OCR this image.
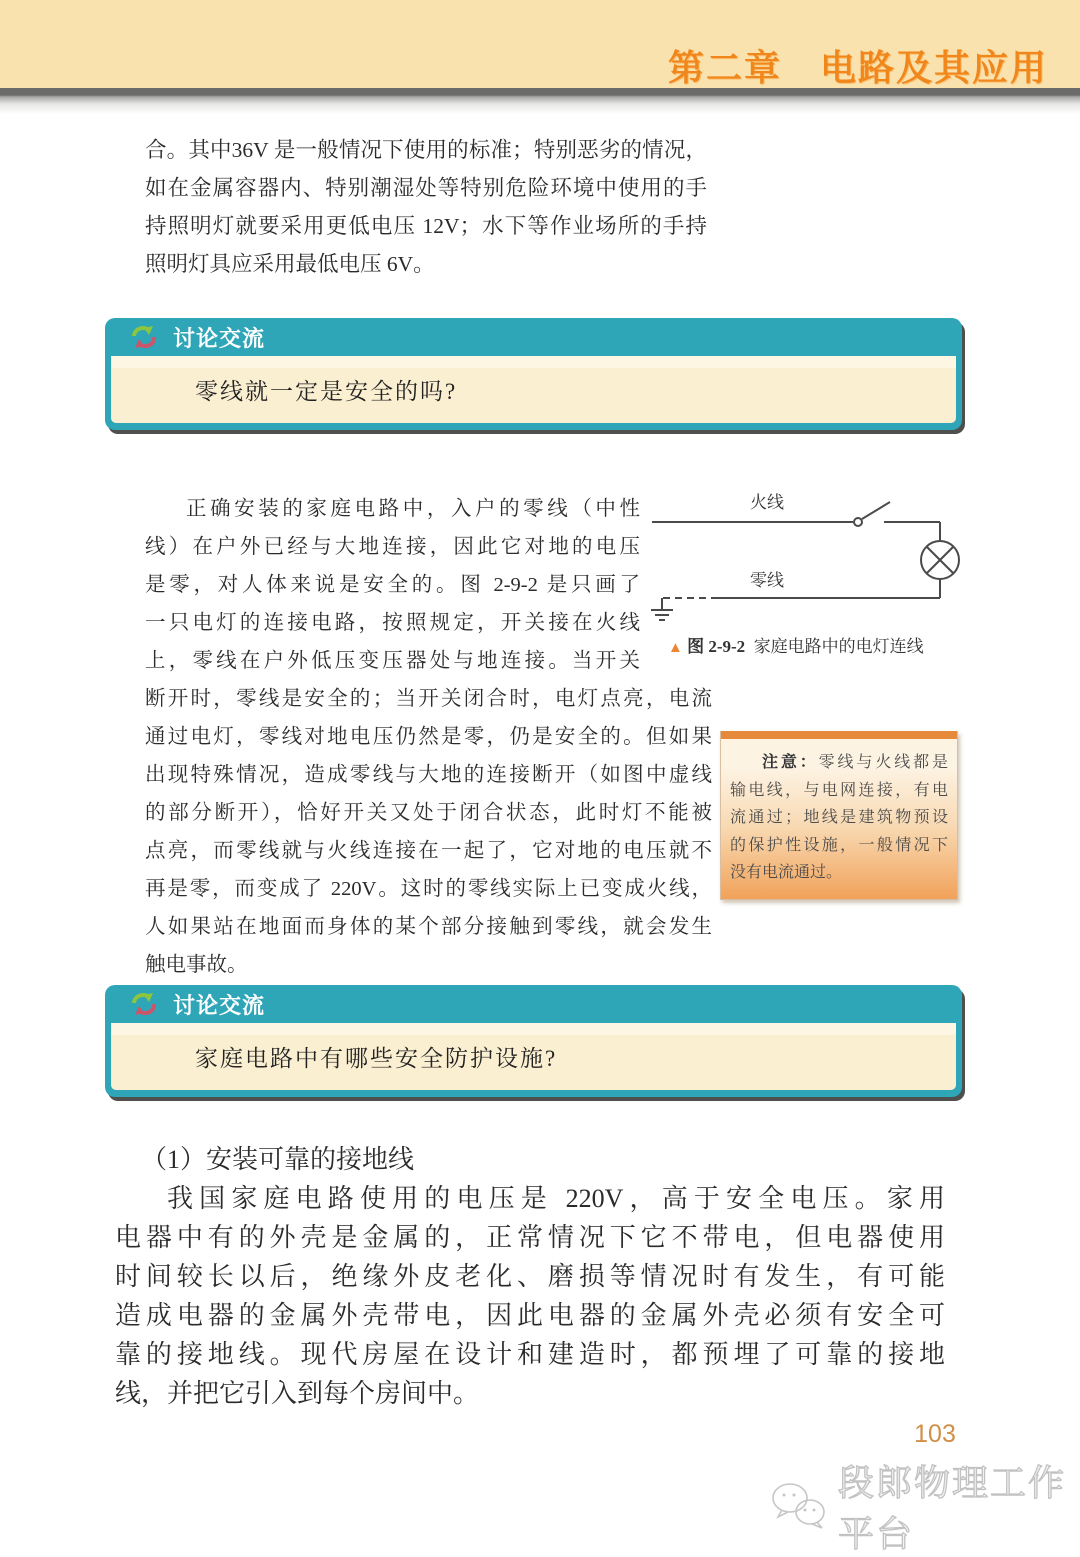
第二章　电路及其应用
合。其中36V 是一般情况下使用的标准；特别恶劣的情况，
如在金属容器内、特别潮湿处等特别危险环境中使用的手
持照明灯就要采用更低电压 12V；水下等作业场所的手持
照明灯具应采用最低电压 6V。
讨论交流
零线就一定是安全的吗?
火线
零线
▲ 图 2-9-2 家庭电路中的电灯连线
注意：零线与火线都是
输电线，与电网连接，有电
流通过；地线是建筑物预设
的保护性设施，一般情况下
没有电流通过。
正确安装的家庭电路中，入户的零线（中性
线）在户外已经与大地连接，因此它对地的电压
是零，对人体来说是安全的。图 2-9-2 是只画了
一只电灯的连接电路，按照规定，开关接在火线
上，零线在户外低压变压器处与地连接。当开关
断开时，零线是安全的；当开关闭合时，电灯点亮，电流
通过电灯，零线对地电压仍然是零，仍是安全的。但如果
出现特殊情况，造成零线与大地的连接断开（如图中虚线
的部分断开），恰好开关又处于闭合状态，此时灯不能被
点亮，而零线就与火线连接在一起了，它对地的电压就不
再是零，而变成了 220V。这时的零线实际上已变成火线，
人如果站在地面而身体的某个部分接触到零线，就会发生
触电事故。
讨论交流
家庭电路中有哪些安全防护设施?
（1）安装可靠的接地线
我国家庭电路使用的电压是 220V，高于安全电压。家用
电器中有的外壳是金属的，正常情况下它不带电，但电器使用
时间较长以后，绝缘外皮老化、磨损等情况时有发生，有可能
造成电器的金属外壳带电，因此电器的金属外壳必须有安全可
靠的接地线。现代房屋在设计和建造时，都预埋了可靠的接地
线，并把它引入到每个房间中。
103
段郎物理工作平台
